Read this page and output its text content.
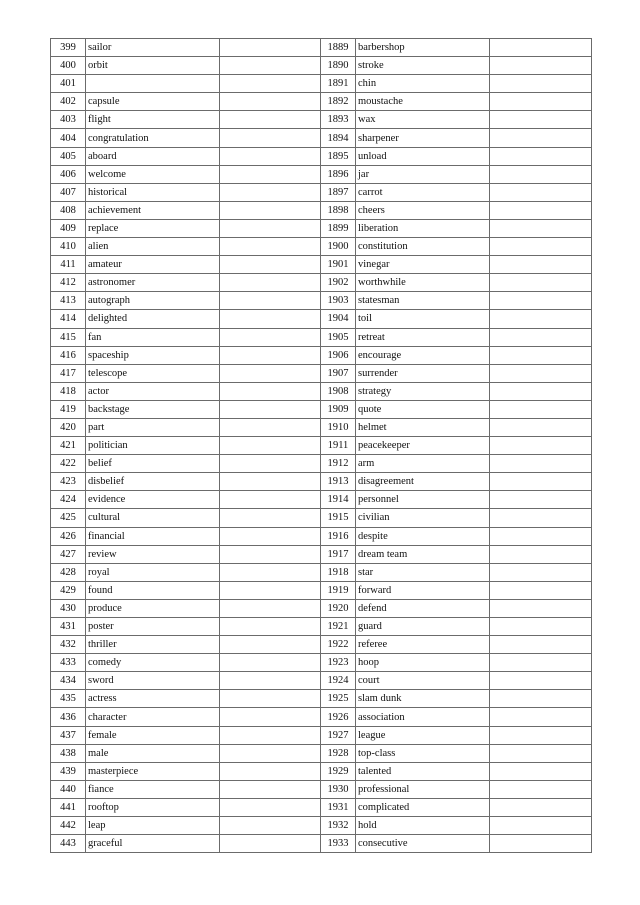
399	sailor		1889	barbershop	
400	orbit		1890	stroke	
401			1891	chin	
402	capsule		1892	moustache	
403	flight		1893	wax	
404	congratulation		1894	sharpener	
405	aboard		1895	unload	
406	welcome		1896	jar	
407	historical		1897	carrot	
408	achievement		1898	cheers	
409	replace		1899	liberation	
410	alien		1900	constitution	
411	amateur		1901	vinegar	
412	astronomer		1902	worthwhile	
413	autograph		1903	statesman	
414	delighted		1904	toil	
415	fan		1905	retreat	
416	spaceship		1906	encourage	
417	telescope		1907	surrender	
418	actor		1908	strategy	
419	backstage		1909	quote	
420	part		1910	helmet	
421	politician		1911	peacekeeper	
422	belief		1912	arm	
423	disbelief		1913	disagreement	
424	evidence		1914	personnel	
425	cultural		1915	civilian	
426	financial		1916	despite	
427	review		1917	dream team	
428	royal		1918	star	
429	found		1919	forward	
430	produce		1920	defend	
431	poster		1921	guard	
432	thriller		1922	referee	
433	comedy		1923	hoop	
434	sword		1924	court	
435	actress		1925	slam dunk	
436	character		1926	association	
437	female		1927	league	
438	male		1928	top-class	
439	masterpiece		1929	talented	
440	fiance		1930	professional	
441	rooftop		1931	complicated	
442	leap		1932	hold	
443	graceful		1933	consecutive	
